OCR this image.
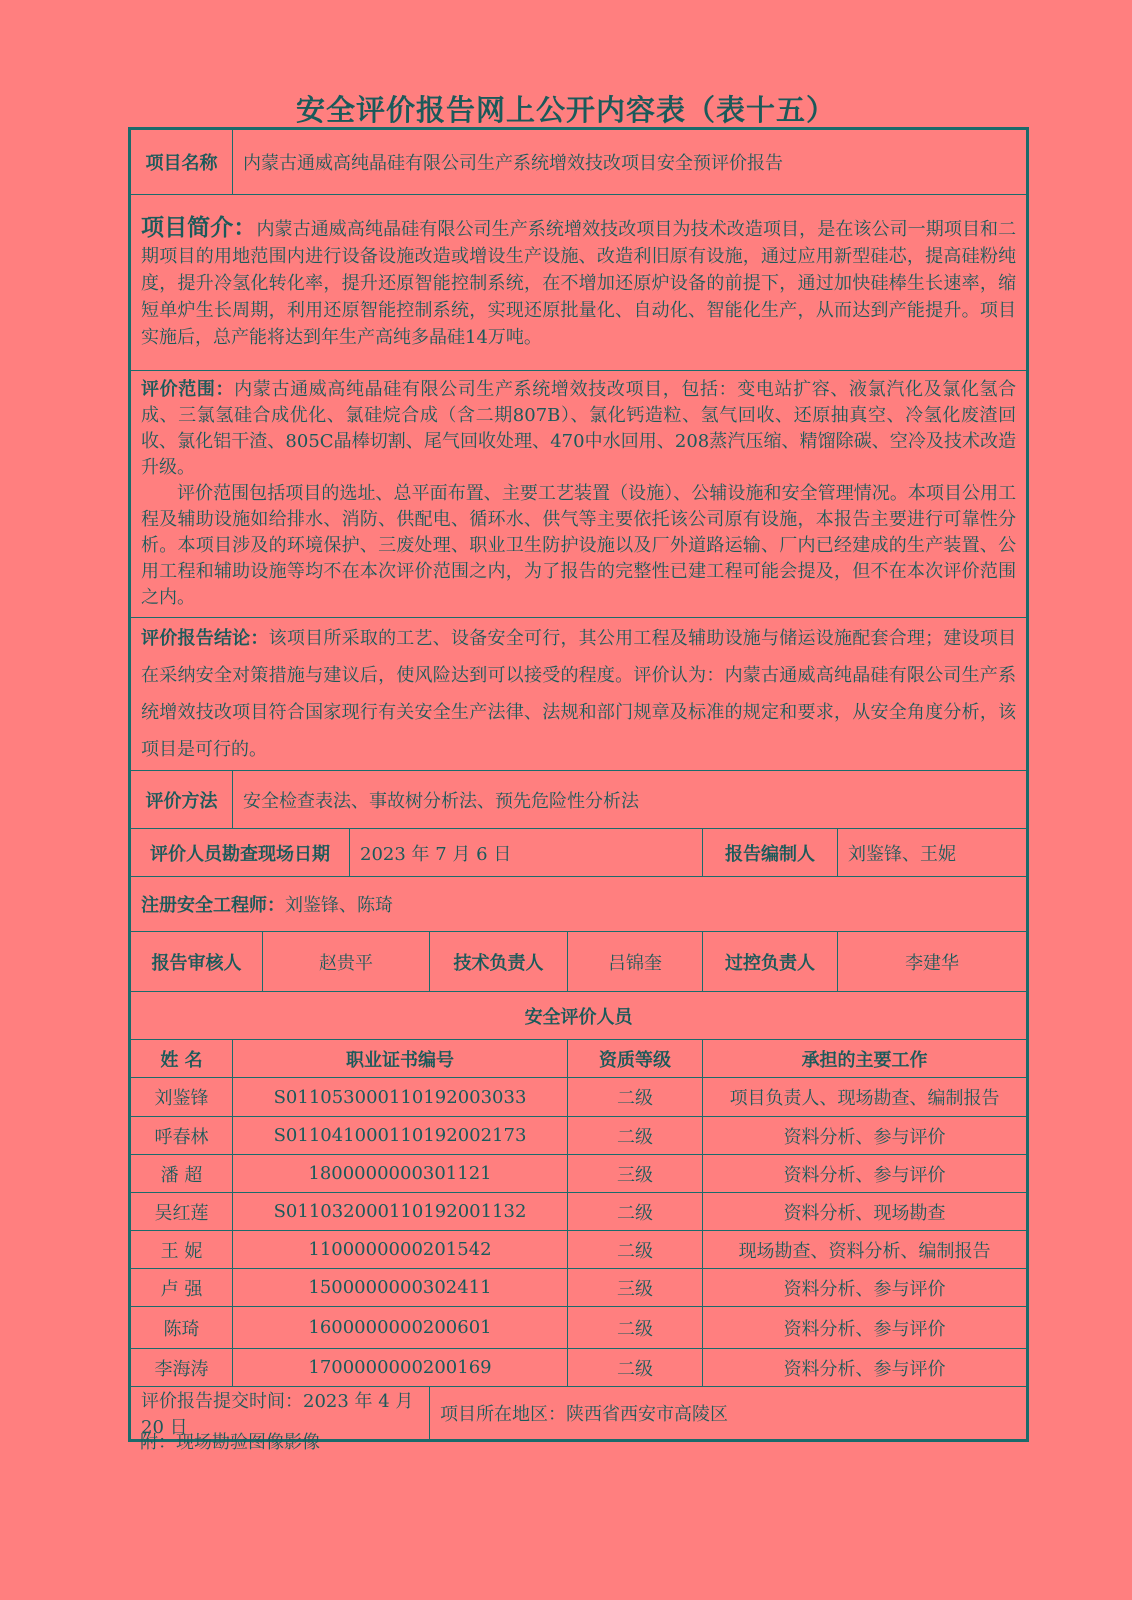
安全评价报告网上公开内容表（表十五）
项目名称	内蒙古通威高纯晶硅有限公司生产系统增效技改项目安全预评价报告						
项目简介：内蒙古通威高纯晶硅有限公司生产系统增效技改项目为技术改造项目，是在该公司一期项目和二期项目的用地范围内进行设备设施改造或增设生产设施、改造利旧原有设施，通过应用新型硅芯，提高硅粉纯度，提升冷氢化转化率，提升还原智能控制系统，在不增加还原炉设备的前提下，通过加快硅棒生长速率，缩短单炉生长周期，利用还原智能控制系统，实现还原批量化、自动化、智能化生产，从而达到产能提升。项目实施后，总产能将达到年生产高纯多晶硅14万吨。							
评价范围：内蒙古通威高纯晶硅有限公司生产系统增效技改项目，包括：变电站扩容、液氯汽化及氯化氢合成、三氯氢硅合成优化、氯硅烷合成（含二期807B）、氯化钙造粒、氢气回收、还原抽真空、冷氢化废渣回收、氯化铝干渣、805C晶棒切割、尾气回收处理、470中水回用、208蒸汽压缩、精馏除碳、空冷及技术改造升级。
评价范围包括项目的选址、总平面布置、主要工艺装置（设施）、公辅设施和安全管理情况。本项目公用工程及辅助设施如给排水、消防、供配电、循环水、供气等主要依托该公司原有设施，本报告主要进行可靠性分析。本项目涉及的环境保护、三废处理、职业卫生防护设施以及厂外道路运输、厂内已经建成的生产装置、公用工程和辅助设施等均不在本次评价范围之内，为了报告的完整性已建工程可能会提及，但不在本次评价范围之内。							

评价报告结论：该项目所采取的工艺、设备安全可行，其公用工程及辅助设施与储运设施配套合理；建设项目在采纳安全对策措施与建议后，使风险达到可以接受的程度。评价认为：内蒙古通威高纯晶硅有限公司生产系统增效技改项目符合国家现行有关安全生产法律、法规和部门规章及标准的规定和要求，从安全角度分析，该项目是可行的。							
评价方法	安全检查表法、事故树分析法、预先危险性分析法						
评价人员勘查现场日期			2023 年 7 月 6 日			报告编制人	刘鉴锋、王妮
注册安全工程师：刘鉴锋、陈琦							
报告审核人		赵贵平		技术负责人	吕锦奎	过控负责人	李建华
安全评价人员							
姓 名	职业证书编号				资质等级	承担的主要工作	
刘鉴锋	S011053000110192003033				二级	项目负责人、现场勘查、编制报告	
呼春林	S011041000110192002173				二级	资料分析、参与评价	
潘 超	1800000000301121				三级	资料分析、参与评价	
吴红莲	S011032000110192001132				二级	资料分析、现场勘查	
王 妮	1100000000201542				二级	现场勘查、资料分析、编制报告	
卢 强	1500000000302411				三级	资料分析、参与评价	
陈琦	1600000000200601				二级	资料分析、参与评价	
李海涛	1700000000200169				二级	资料分析、参与评价	
评价报告提交时间：2023 年 4 月 20 日				项目所在地区：陕西省西安市高陵区			
附：现场勘验图像影像
